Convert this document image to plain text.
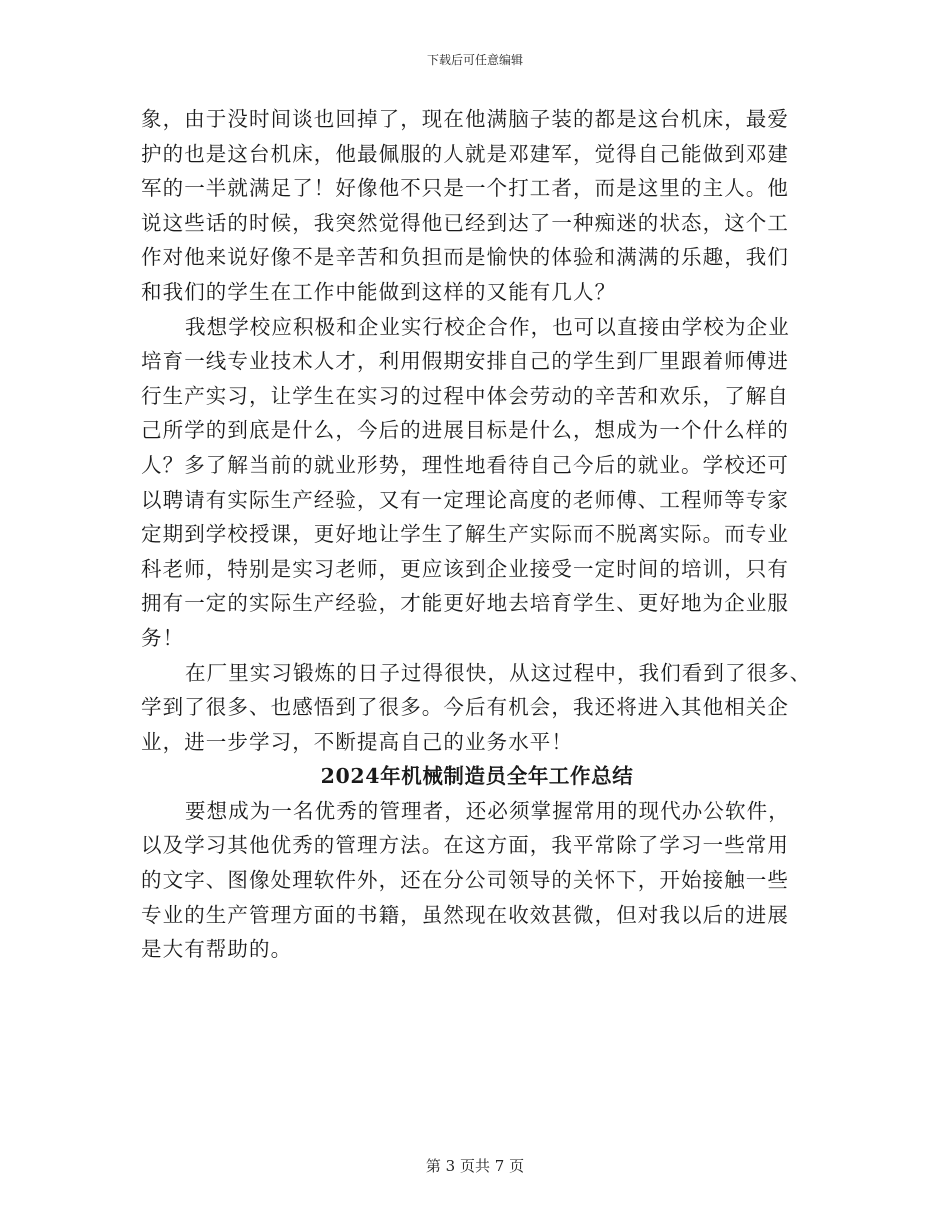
下载后可任意编辑

象，由于没时间谈也回掉了，现在他满脑子装的都是这台机床，最爱
护的也是这台机床，他最佩服的人就是邓建军，觉得自己能做到邓建
军的一半就满足了！好像他不只是一个打工者，而是这里的主人。他
说这些话的时候，我突然觉得他已经到达了一种痴迷的状态，这个工
作对他来说好像不是辛苦和负担而是愉快的体验和满满的乐趣，我们
和我们的学生在工作中能做到这样的又能有几人？

我想学校应积极和企业实行校企合作，也可以直接由学校为企业
培育一线专业技术人才，利用假期安排自己的学生到厂里跟着师傅进
行生产实习，让学生在实习的过程中体会劳动的辛苦和欢乐，了解自
己所学的到底是什么，今后的进展目标是什么，想成为一个什么样的
人？多了解当前的就业形势，理性地看待自己今后的就业。学校还可
以聘请有实际生产经验，又有一定理论高度的老师傅、工程师等专家
定期到学校授课，更好地让学生了解生产实际而不脱离实际。而专业
科老师，特别是实习老师，更应该到企业接受一定时间的培训，只有
拥有一定的实际生产经验，才能更好地去培育学生、更好地为企业服
务！

在厂里实习锻炼的日子过得很快，从这过程中，我们看到了很多、
学到了很多、也感悟到了很多。今后有机会，我还将进入其他相关企
业，进一步学习，不断提高自己的业务水平！

2024年机械制造员全年工作总结

要想成为一名优秀的管理者，还必须掌握常用的现代办公软件，
以及学习其他优秀的管理方法。在这方面，我平常除了学习一些常用
的文字、图像处理软件外，还在分公司领导的关怀下，开始接触一些
专业的生产管理方面的书籍，虽然现在收效甚微，但对我以后的进展
是大有帮助的。

第 3 页共 7 页
